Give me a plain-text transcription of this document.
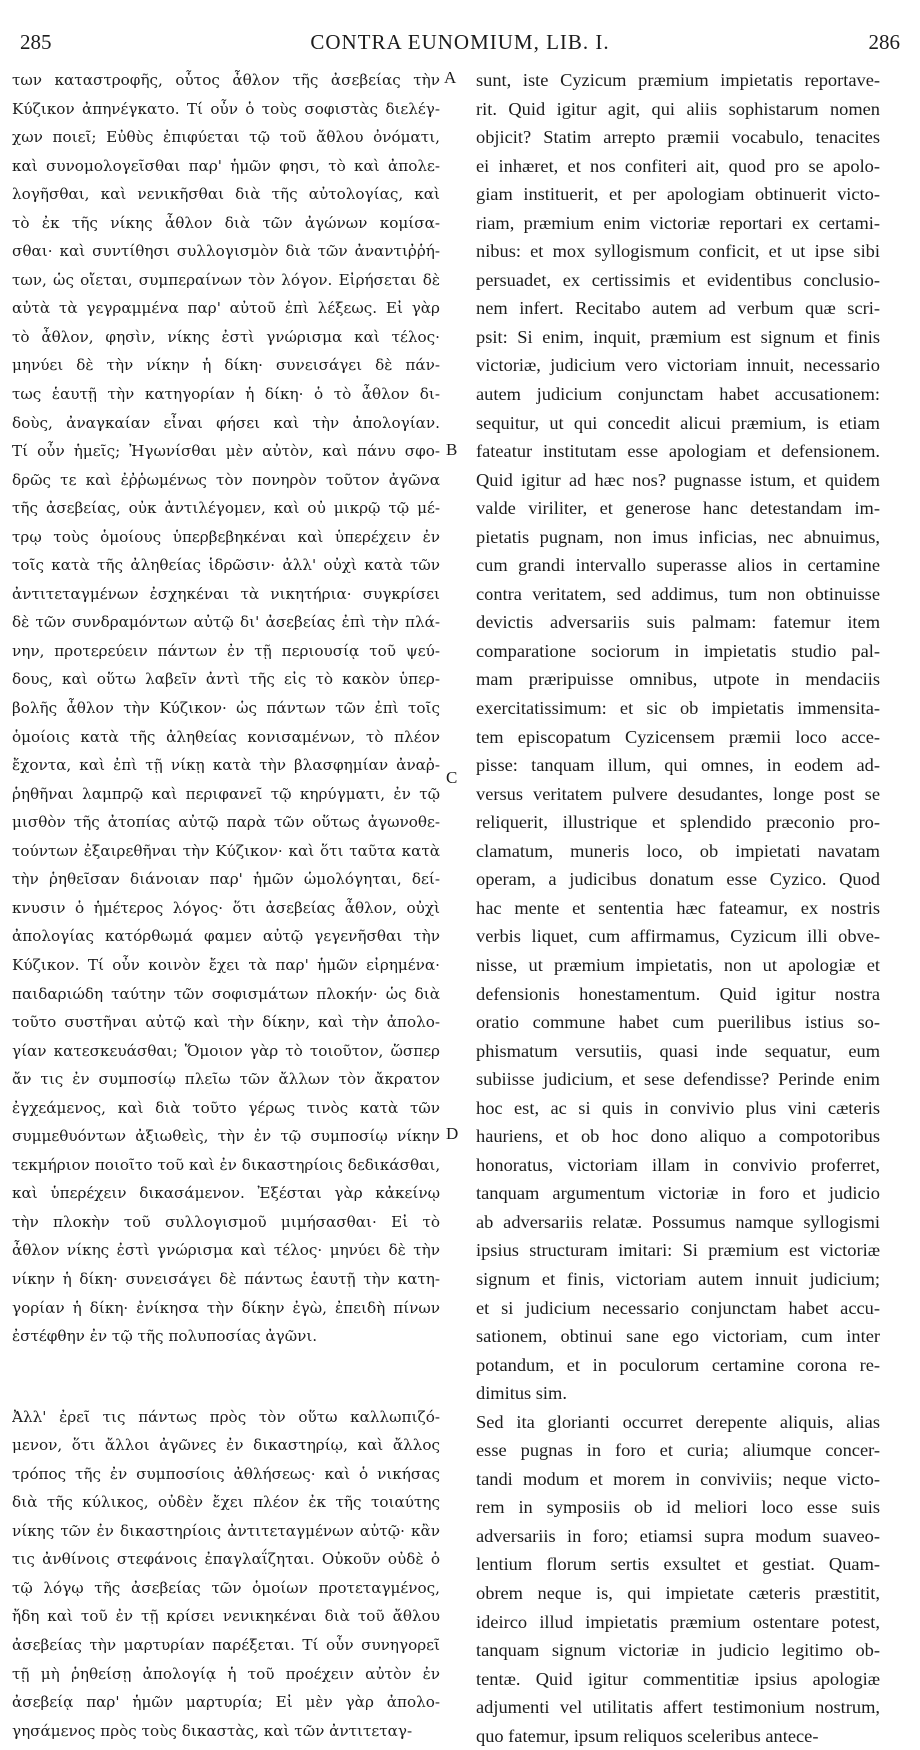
285	CONTRA EUNOMIUM, LIB. I.	286
των καταστροφῆς, οὗτος ἆθλον τῆς ἀσεβείας τὴν
Κύζικον ἀπηνέγκατο. Τί οὖν ὁ τοὺς σοφιστὰς διελέγ-
χων ποιεῖ; Εὐθὺς ἐπιφύεται τῷ τοῦ ἄθλου ὀνόματι,
καὶ συνομολογεῖσθαι παρ' ἡμῶν φησι, τὸ καὶ ἀπολε-
λογῆσθαι, καὶ νενικῆσθαι διὰ τῆς αὐτολογίας, καὶ
τὸ ἐκ τῆς νίκης ἆθλον διὰ τῶν ἀγώνων κομίσα-
σθαι· καὶ συντίθησι συλλογισμὸν διὰ τῶν ἀναντιῤῥή-
των, ὡς οἴεται, συμπεραίνων τὸν λόγον. Εἰρήσεται δὲ
αὐτὰ τὰ γεγραμμένα παρ' αὐτοῦ ἐπὶ λέξεως. Εἰ γὰρ
τὸ ἆθλον, φησὶν, νίκης ἐστὶ γνώρισμα καὶ τέλος·
μηνύει δὲ τὴν νίκην ἡ δίκη· συνεισάγει δὲ πάν-
τως ἑαυτῇ τὴν κατηγορίαν ἡ δίκη· ὁ τὸ ἆθλον δι-
δοὺς, ἀναγκαίαν εἶναι φήσει καὶ τὴν ἀπολογίαν.
Τί οὖν ἡμεῖς; Ἠγωνίσθαι μὲν αὐτὸν, καὶ πάνυ σφο-
δρῶς τε καὶ ἐῤῥωμένως τὸν πονηρὸν τοῦτον ἀγῶνα
τῆς ἀσεβείας, οὐκ ἀντιλέγομεν, καὶ οὐ μικρῷ τῷ μέ-
τρῳ τοὺς ὁμοίους ὑπερβεβηκέναι καὶ ὑπερέχειν ἐν
τοῖς κατὰ τῆς ἀληθείας ἱδρῶσιν· ἀλλ' οὐχὶ κατὰ τῶν
ἀντιτεταγμένων ἐσχηκέναι τὰ νικητήρια· συγκρίσει
δὲ τῶν συνδραμόντων αὐτῷ δι' ἀσεβείας ἐπὶ τὴν πλά-
νην, προτερεύειν πάντων ἐν τῇ περιουσίᾳ τοῦ ψεύ-
δους, καὶ οὕτω λαβεῖν ἀντὶ τῆς εἰς τὸ κακὸν ὑπερ-
βολῆς ἆθλον τὴν Κύζικον· ὡς πάντων τῶν ἐπὶ τοῖς
ὁμοίοις κατὰ τῆς ἀληθείας κονισαμένων, τὸ πλέον
ἔχοντα, καὶ ἐπὶ τῇ νίκῃ κατὰ τὴν βλασφημίαν ἀναῤ-
ῥηθῆναι λαμπρῷ καὶ περιφανεῖ τῷ κηρύγματι, ἐν τῷ
μισθὸν τῆς ἀτοπίας αὐτῷ παρὰ τῶν οὕτως ἀγωνοθε-
τούντων ἐξαιρεθῆναι τὴν Κύζικον· καὶ ὅτι ταῦτα κατὰ
τὴν ῥηθεῖσαν διάνοιαν παρ' ἡμῶν ὡμολόγηται, δεί-
κνυσιν ὁ ἡμέτερος λόγος· ὅτι ἀσεβείας ἆθλον, οὐχὶ
ἀπολογίας κατόρθωμά φαμεν αὐτῷ γεγενῆσθαι τὴν
Κύζικον. Τί οὖν κοινὸν ἔχει τὰ παρ' ἡμῶν εἰρημένα·
παιδαριώδη ταύτην τῶν σοφισμάτων πλοκήν· ὡς διὰ
τοῦτο συστῆναι αὐτῷ καὶ τὴν δίκην, καὶ τὴν ἀπολο-
γίαν κατεσκευάσθαι; Ὅμοιον γὰρ τὸ τοιοῦτον, ὥσπερ
ἄν τις ἐν συμποσίῳ πλεῖω τῶν ἄλλων τὸν ἄκρατον
ἐγχεάμενος, καὶ διὰ τοῦτο γέρως τινὸς κατὰ τῶν
συμμεθυόντων ἀξιωθεὶς, τὴν ἐν τῷ συμποσίῳ νίκην
τεκμήριον ποιοῖτο τοῦ καὶ ἐν δικαστηρίοις δεδικάσθαι,
καὶ ὑπερέχειν δικασάμενον. Ἐξέσται γὰρ κἀκείνῳ
τὴν πλοκὴν τοῦ συλλογισμοῦ μιμήσασθαι· Εἰ τὸ
ἆθλον νίκης ἐστὶ γνώρισμα καὶ τέλος· μηνύει δὲ τὴν
νίκην ἡ δίκη· συνεισάγει δὲ πάντως ἑαυτῇ τὴν κατη-
γορίαν ἡ δίκη· ἐνίκησα τὴν δίκην ἐγὼ, ἐπειδὴ πίνων
ἐστέφθην ἐν τῷ τῆς πολυποσίας ἀγῶνι.
Ἀλλ' ἐρεῖ τις πάντως πρὸς τὸν οὕτω καλλωπιζό-
μενον, ὅτι ἄλλοι ἀγῶνες ἐν δικαστηρίῳ, καὶ ἄλλος
τρόπος τῆς ἐν συμποσίοις ἀθλήσεως· καὶ ὁ νικήσας
διὰ τῆς κύλικος, οὐδὲν ἔχει πλέον ἐκ τῆς τοιαύτης
νίκης τῶν ἐν δικαστηρίοις ἀντιτεταγμένων αὐτῷ· κἂν
τις ἀνθίνοις στεφάνοις ἐπαγλαΐζηται. Οὐκοῦν οὐδὲ ὁ
τῷ λόγῳ τῆς ἀσεβείας τῶν ὁμοίων προτεταγμένος,
ἤδη καὶ τοῦ ἐν τῇ κρίσει νενικηκέναι διὰ τοῦ ἄθλου
ἀσεβείας τὴν μαρτυρίαν παρέξεται. Τί οὖν συνηγορεῖ
τῇ μὴ ῥηθείσῃ ἀπολογίᾳ ἡ τοῦ προέχειν αὐτὸν ἐν
ἀσεβείᾳ παρ' ἡμῶν μαρτυρία; Εἰ μὲν γὰρ ἀπολο-
γησάμενος πρὸς τοὺς δικαστὰς, καὶ τῶν ἀντιτεταγ-
sunt, iste Cyzicum præmium impietatis reportave-
rit. Quid igitur agit, qui aliis sophistarum nomen
objicit? Statim arrepto præmii vocabulo, tenacites
ei inhæret, et nos confiteri ait, quod pro se apolo-
giam instituerit, et per apologiam obtinuerit victo-
riam, præmium enim victoriæ reportari ex certami-
nibus: et mox syllogismum conficit, et ut ipse sibi
persuadet, ex certissimis et evidentibus conclusio-
nem infert. Recitabo autem ad verbum quæ scri-
psit: Si enim, inquit, præmium est signum et finis
victoriæ, judicium vero victoriam innuit, necessario
autem judicium conjunctam habet accusationem:
sequitur, ut qui concedit alicui præmium, is etiam
fateatur institutam esse apologiam et defensionem.
Quid igitur ad hæc nos? pugnasse istum, et quidem
valde viriliter, et generose hanc detestandam im-
pietatis pugnam, non imus inficias, nec abnuimus,
cum grandi intervallo superasse alios in certamine
contra veritatem, sed addimus, tum non obtinuisse
devictis adversariis suis palmam: fatemur item
comparatione sociorum in impietatis studio pal-
mam præripuisse omnibus, utpote in mendaciis
exercitatissimum: et sic ob impietatis immensita-
tem episcopatum Cyzicensem præmii loco acce-
pisse: tanquam illum, qui omnes, in eodem ad-
versus veritatem pulvere desudantes, longe post se
reliquerit, illustrique et splendido præconio pro-
clamatum, muneris loco, ob impietati navatam
operam, a judicibus donatum esse Cyzico. Quod
hac mente et sententia hæc fateamur, ex nostris
verbis liquet, cum affirmamus, Cyzicum illi obve-
nisse, ut præmium impietatis, non ut apologiæ et
defensionis honestamentum. Quid igitur nostra
oratio commune habet cum puerilibus istius so-
phismatum versutiis, quasi inde sequatur, eum
subiisse judicium, et sese defendisse? Perinde enim
hoc est, ac si quis in convivio plus vini cæteris
hauriens, et ob hoc dono aliquo a compotoribus
honoratus, victoriam illam in convivio proferret,
tanquam argumentum victoriæ in foro et judicio
ab adversariis relatæ. Possumus namque syllogismi
ipsius structuram imitari: Si præmium est victoriæ
signum et finis, victoriam autem innuit judicium;
et si judicium necessario conjunctam habet accu-
sationem, obtinui sane ego victoriam, cum inter
potandum, et in poculorum certamine corona re-
dimitus sim.
Sed ita glorianti occurret derepente aliquis, alias
esse pugnas in foro et curia; aliumque concer-
tandi modum et morem in conviviis; neque victo-
rem in symposiis ob id meliori loco esse suis
adversariis in foro; etiamsi supra modum suaveo-
lentium florum sertis exsultet et gestiat. Quam-
obrem neque is, qui impietate cæteris præstitit,
ideirco illud impietatis præmium ostentare potest,
tanquam signum victoriæ in judicio legitimo ob-
tentæ. Quid igitur commentitiæ ipsius apologiæ
adjumenti vel utilitatis affert testimonium nostrum,
quo fatemur, ipsum reliquos sceleribus antece-
A
B
C
D
